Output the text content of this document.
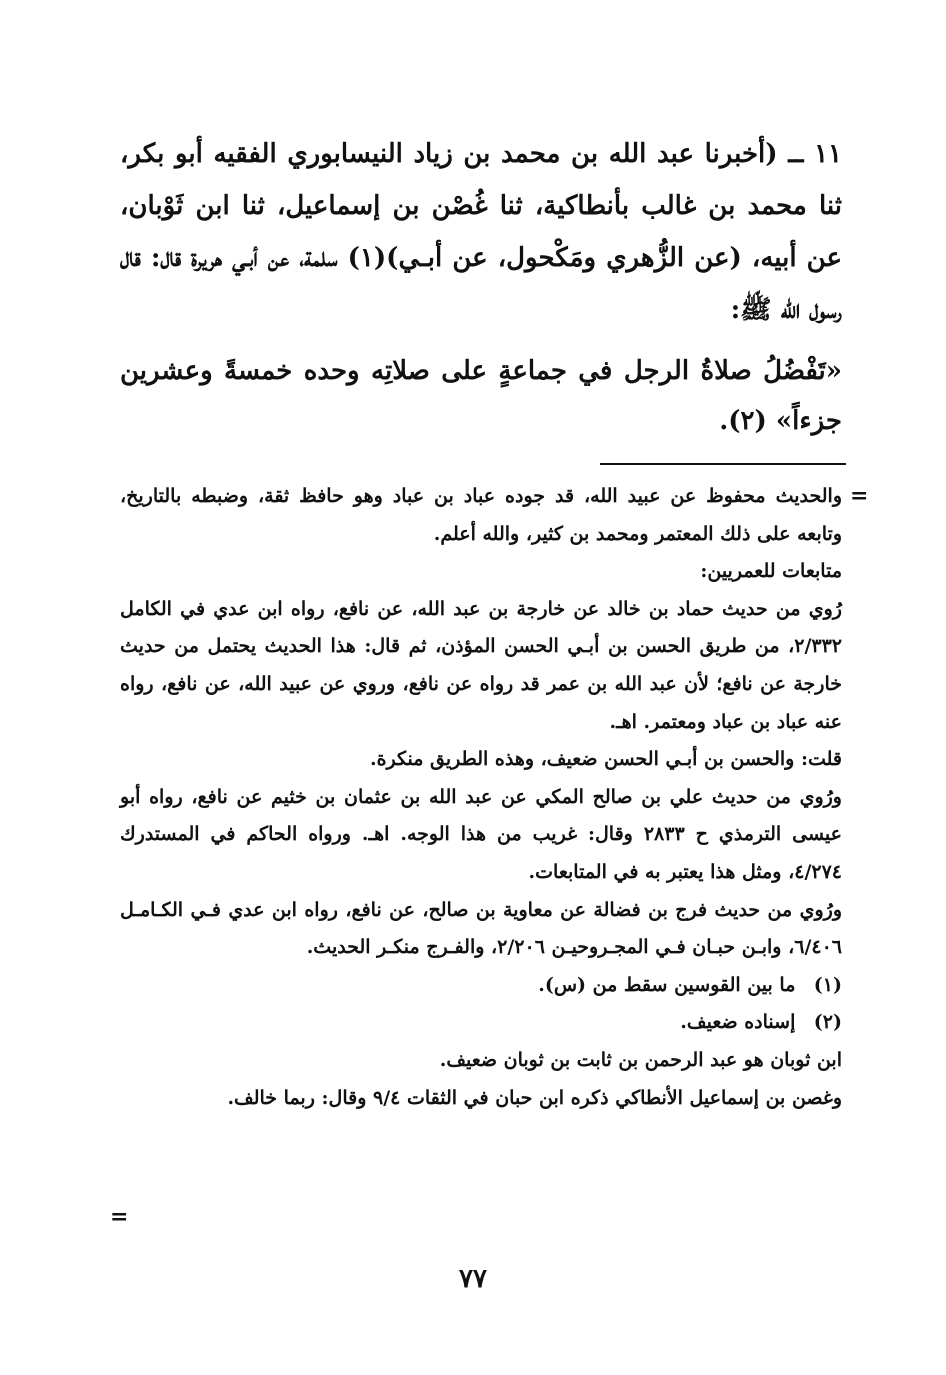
١١ ــ (أخبرنا عبد الله بن محمد بن زياد النيسابوري الفقيه أبو بكر، ثنا محمد بن غالب بأنطاكية، ثنا غُصْن بن إسماعيل، ثنا ابن ثَوْبان، عن أبيه، (عن الزُّهري ومَكْحول، عن أبـي)(١) سلمة، عن أبـي هريرة قال: قال رسول الله ﷺ:

«تَفْضُلُ صلاةُ الرجل في جماعةٍ على صلاتِه وحده خمسةً وعشرين جزءاً» (٢).

=

والحديث محفوظ عن عبيد الله، قد جوده عباد بن عباد وهو حافظ ثقة، وضبطه بالتاريخ، وتابعه على ذلك المعتمر ومحمد بن كثير، والله أعلم.

متابعات للعمريين:

رُوي من حديث حماد بن خالد عن خارجة بن عبد الله، عن نافع، رواه ابن عدي في الكامل ٢/٣٣٢، من طريق الحسن بن أبـي الحسن المؤذن، ثم قال: هذا الحديث يحتمل من حديث خارجة عن نافع؛ لأن عبد الله بن عمر قد رواه عن نافع، وروي عن عبيد الله، عن نافع، رواه عنه عباد بن عباد ومعتمر. اهـ.

قلت: والحسن بن أبـي الحسن ضعيف، وهذه الطريق منكرة.

ورُوي من حديث علي بن صالح المكي عن عبد الله بن عثمان بن خثيم عن نافع، رواه أبو عيسى الترمذي ح ٢٨٣٣ وقال: غريب من هذا الوجه. اهـ. ورواه الحاكم في المستدرك ٤/٢٧٤، ومثل هذا يعتبر به في المتابعات.

ورُوي من حديث فرج بن فضالة عن معاوية بن صالح، عن نافع، رواه ابن عدي فـي الكـامـل ٦/٤٠٦، وابـن حبـان فـي المجـروحيـن ٢/٢٠٦، والفـرج منكـر الحديث.

(١) ما بين القوسين سقط من (س).

(٢) إسناده ضعيف.

ابن ثوبان هو عبد الرحمن بن ثابت بن ثوبان ضعيف.

وغصن بن إسماعيل الأنطاكي ذكره ابن حبان في الثقات ٩/٤ وقال: ربما خالف.

=
٧٧
